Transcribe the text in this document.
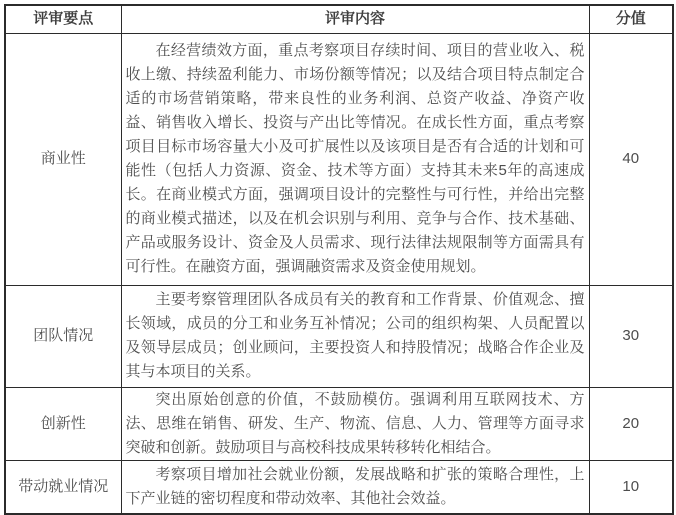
评审要点	评审内容	分值
商业性	在经营绩效方面，重点考察项目存续时间、项目的营业收入、税收上缴、持续盈利能力、市场份额等情况；以及结合项目特点制定合适的市场营销策略，带来良性的业务利润、总资产收益、净资产收益、销售收入增长、投资与产出比等情况。在成长性方面，重点考察项目目标市场容量大小及可扩展性以及该项目是否有合适的计划和可能性（包括人力资源、资金、技术等方面）支持其未来5年的高速成长。在商业模式方面，强调项目设计的完整性与可行性，并给出完整的商业模式描述，以及在机会识别与利用、竞争与合作、技术基础、产品或服务设计、资金及人员需求、现行法律法规限制等方面需具有可行性。在融资方面，强调融资需求及资金使用规划。	40
团队情况	主要考察管理团队各成员有关的教育和工作背景、价值观念、擅长领域，成员的分工和业务互补情况；公司的组织构架、人员配置以及领导层成员；创业顾问，主要投资人和持股情况；战略合作企业及其与本项目的关系。	30
创新性	突出原始创意的价值，不鼓励模仿。强调利用互联网技术、方法、思维在销售、研发、生产、物流、信息、人力、管理等方面寻求突破和创新。鼓励项目与高校科技成果转移转化相结合。	20
带动就业情况	考察项目增加社会就业份额，发展战略和扩张的策略合理性，上下产业链的密切程度和带动效率、其他社会效益。	10
